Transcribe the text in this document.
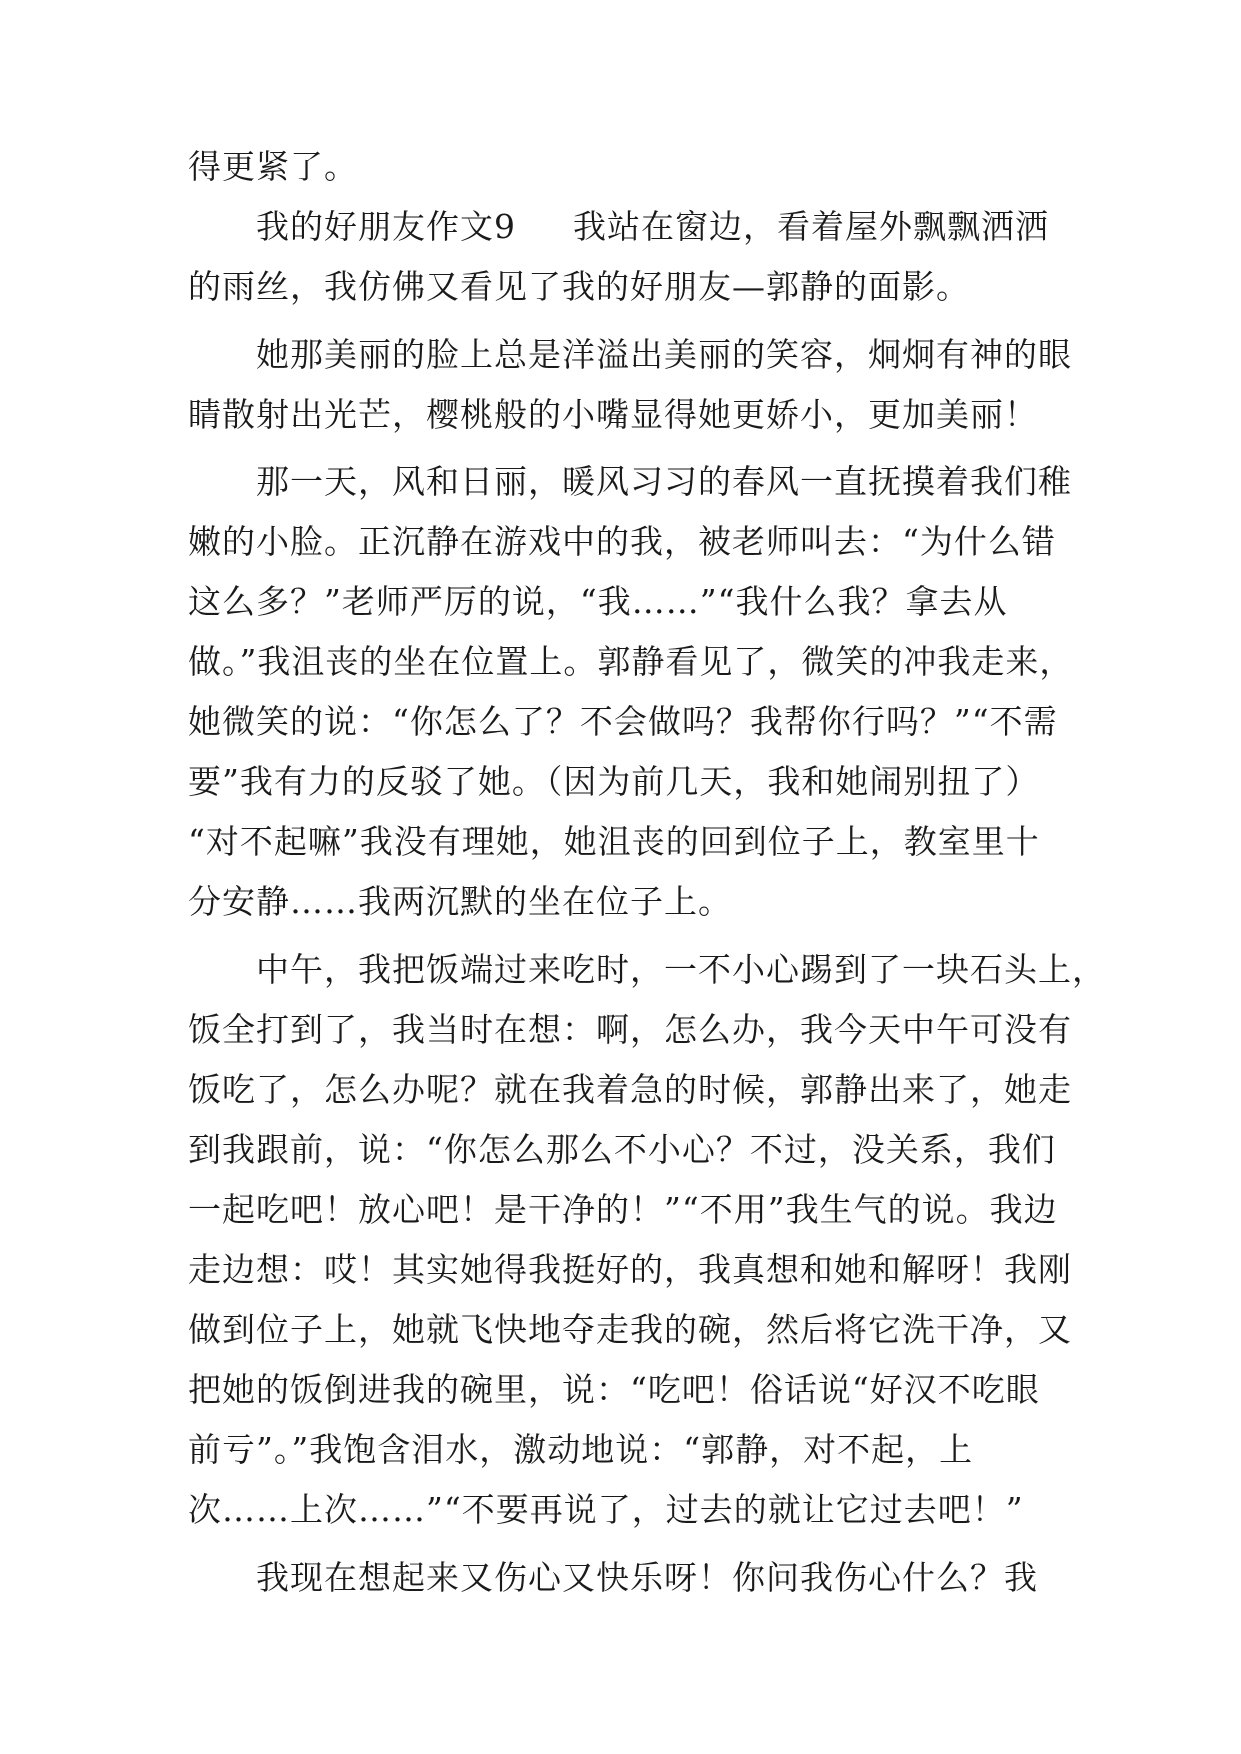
得更紧了。
我的好朋友作文9 　 我站在窗边，看着屋外飘飘洒洒
的雨丝，我仿佛又看见了我的好朋友—郭静的面影。
她那美丽的脸上总是洋溢出美丽的笑容，炯炯有神的眼
睛散射出光芒，樱桃般的小嘴显得她更娇小，更加美丽！
那一天，风和日丽，暖风习习的春风一直抚摸着我们稚
嫩的小脸。正沉静在游戏中的我，被老师叫去：“为什么错
这么多？”老师严厉的说，“我……”“我什么我？拿去从
做。”我沮丧的坐在位置上。郭静看见了，微笑的冲我走来，
她微笑的说：“你怎么了？不会做吗？我帮你行吗？”“不需
要”我有力的反驳了她。（因为前几天，我和她闹别扭了）
“对不起嘛”我没有理她，她沮丧的回到位子上，教室里十
分安静……我两沉默的坐在位子上。
中午，我把饭端过来吃时，一不小心踢到了一块石头上，
饭全打到了，我当时在想：啊，怎么办，我今天中午可没有
饭吃了，怎么办呢？就在我着急的时候，郭静出来了，她走
到我跟前，说：“你怎么那么不小心？不过，没关系，我们
一起吃吧！放心吧！是干净的！”“不用”我生气的说。我边
走边想：哎！其实她得我挺好的，我真想和她和解呀！我刚
做到位子上，她就飞快地夺走我的碗，然后将它洗干净，又
把她的饭倒进我的碗里，说：“吃吧！俗话说“好汉不吃眼
前亏”。”我饱含泪水，激动地说：“郭静，对不起，上
次……上次……”“不要再说了，过去的就让它过去吧！”
我现在想起来又伤心又快乐呀！你问我伤心什么？我
